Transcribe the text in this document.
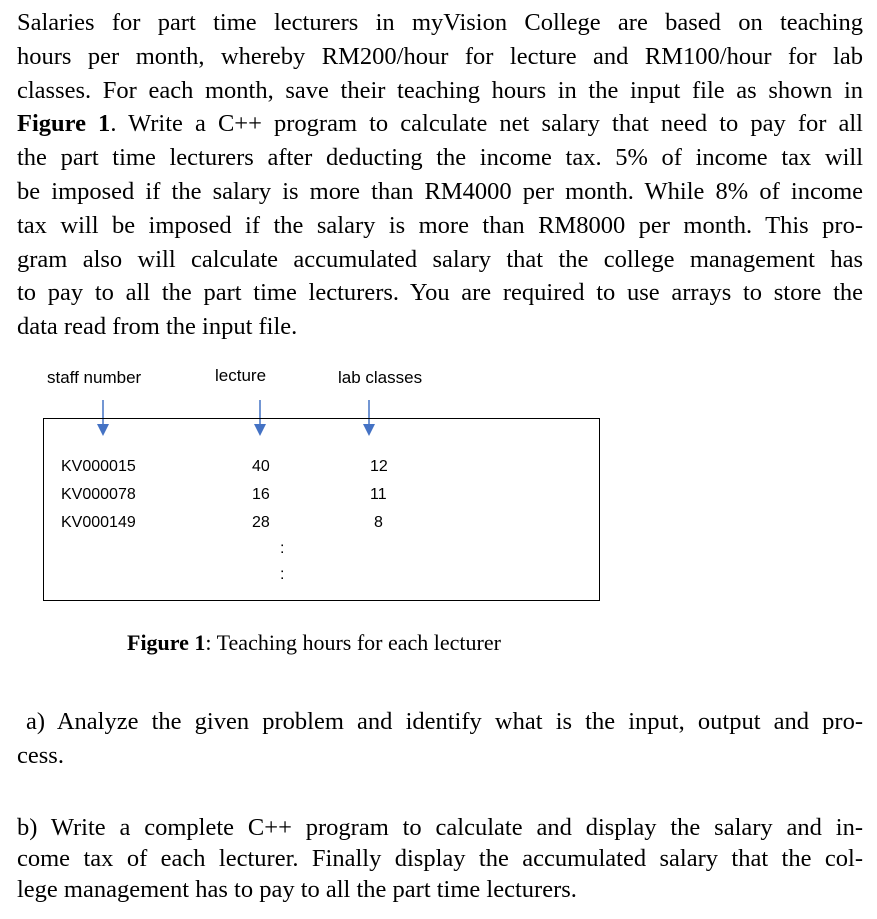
Salaries for part time lecturers in myVision College are based on teaching
hours per month, whereby RM200/hour for lecture and RM100/hour for lab
classes. For each month, save their teaching hours in the input file as shown in
Figure 1. Write a C++ program to calculate net salary that need to pay for all
the part time lecturers after deducting the income tax. 5% of income tax will
be imposed if the salary is more than RM4000 per month. While 8% of income
tax will be imposed if the salary is more than RM8000 per month. This pro-
gram also will calculate accumulated salary that the college management has
to pay to all the part time lecturers. You are required to use arrays to store the
data read from the input file.
staff number	lecture	lab classes
KV000015	40	12
KV000078	16	11
KV000149	28	8
:
:
Figure 1: Teaching hours for each lecturer
a) Analyze the given problem and identify what is the input, output and pro-
cess.
b) Write a complete C++ program to calculate and display the salary and in-
come tax of each lecturer. Finally display the accumulated salary that the col-
lege management has to pay to all the part time lecturers.
